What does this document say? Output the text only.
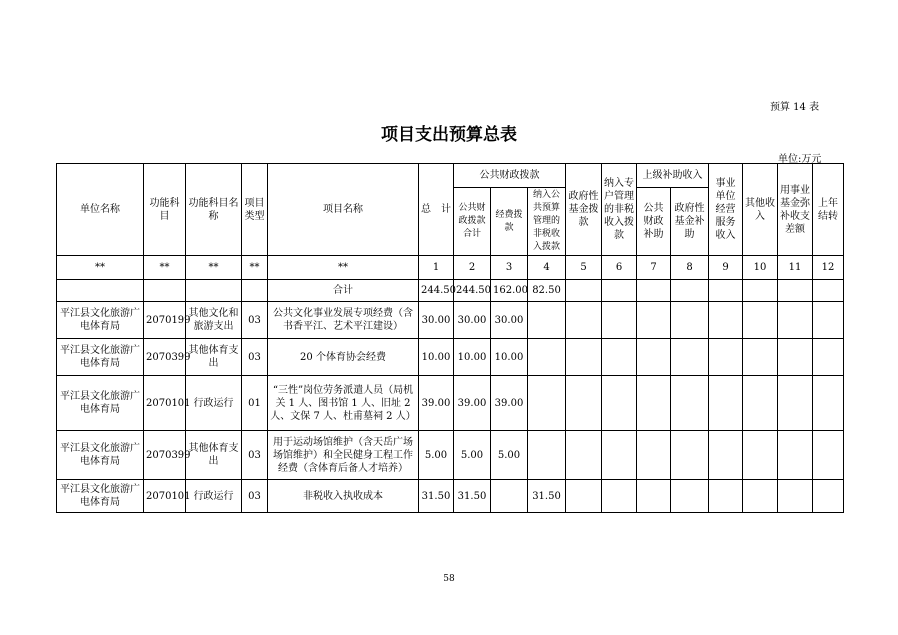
预算 14 表
项目支出预算总表
单位:万元
单位名称	功能科目	功能科目名称	项目类型	项目名称	总　计	公共财政拨款			政府性基金拨款	纳入专户管理的非税收入拨款	上级补助收入		事业单位经营服务收入	其他收入	用事业基金弥补收支差额	上年结转
						公共财政拨款合计	经费拨款	纳入公共预算管理的非税收入拨款								
											公共财政补助	政府性基金补助				
**	**	**	**	**	1	2	3	4	5	6	7	8	9	10	11	12
				合计	244.50	244.50	162.00	82.50								
平江县文化旅游广电体育局	2070199	其他文化和旅游支出	03	公共文化事业发展专项经费（含书香平江、艺术平江建设）	30.00	30.00	30.00									
平江县文化旅游广电体育局	2070399	其他体育支出	03	20 个体育协会经费	10.00	10.00	10.00									
平江县文化旅游广电体育局	2070101	行政运行	01	“三性”岗位劳务派遣人员（局机关 1 人、图书馆 1 人、旧址 2 人、文保 7 人、杜甫墓祠 2 人）	39.00	39.00	39.00									
平江县文化旅游广电体育局	2070399	其他体育支出	03	用于运动场馆维护（含天岳广场场馆维护）和全民健身工程工作经费（含体育后备人才培养）	5.00	5.00	5.00									
平江县文化旅游广电体育局	2070101	行政运行	03	非税收入执收成本	31.50	31.50		31.50								
58
